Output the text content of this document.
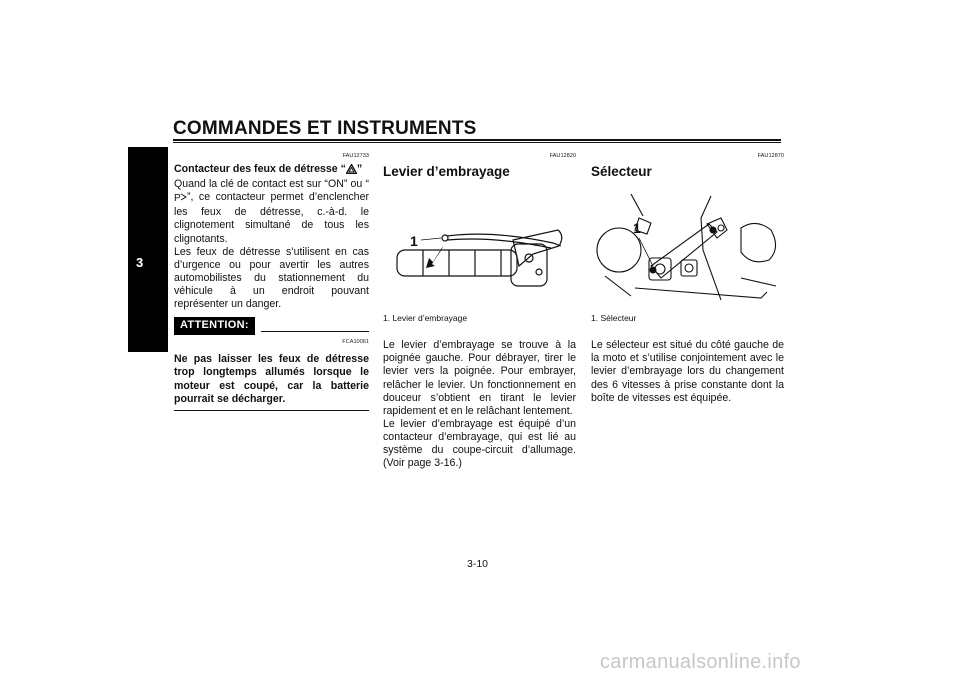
COMMANDES ET INSTRUMENTS
3
FAU12733
Contacteur des feux de détresse “ ”

Quand la clé de contact est sur “ON” ou “
P ”, ce contacteur permet d’enclencher les feux de détresse, c.-à-d. le clignotement simultané de tous les clignotants.

Les feux de détresse s’utilisent en cas d’urgence ou pour avertir les autres automobilistes du stationnement du véhicule à un endroit pouvant représenter un danger.

ATTENTION:
FCA10061

Ne pas laisser les feux de détresse trop longtemps allumés lorsque le moteur est coupé, car la batterie pourrait se décharger.

FAU12820
Levier d’embrayage
1
1. Levier d’embrayage

Le levier d’embrayage se trouve à la poignée gauche. Pour débrayer, tirer le levier vers la poignée. Pour embrayer, relâcher le levier. Un fonctionnement en douceur s’obtient en tirant le levier rapidement et en le relâchant lentement.

Le levier d’embrayage est équipé d’un contacteur d’embrayage, qui est lié au système du coupe-circuit d’allumage. (Voir page 3-16.)

FAU12870
Sélecteur
1
1. Sélecteur

Le sélecteur est situé du côté gauche de la moto et s’utilise conjointement avec le levier d’embrayage lors du changement des 6 vitesses à prise constante dont la boîte de vitesses est équipée.

3-10
carmanualsonline.info
